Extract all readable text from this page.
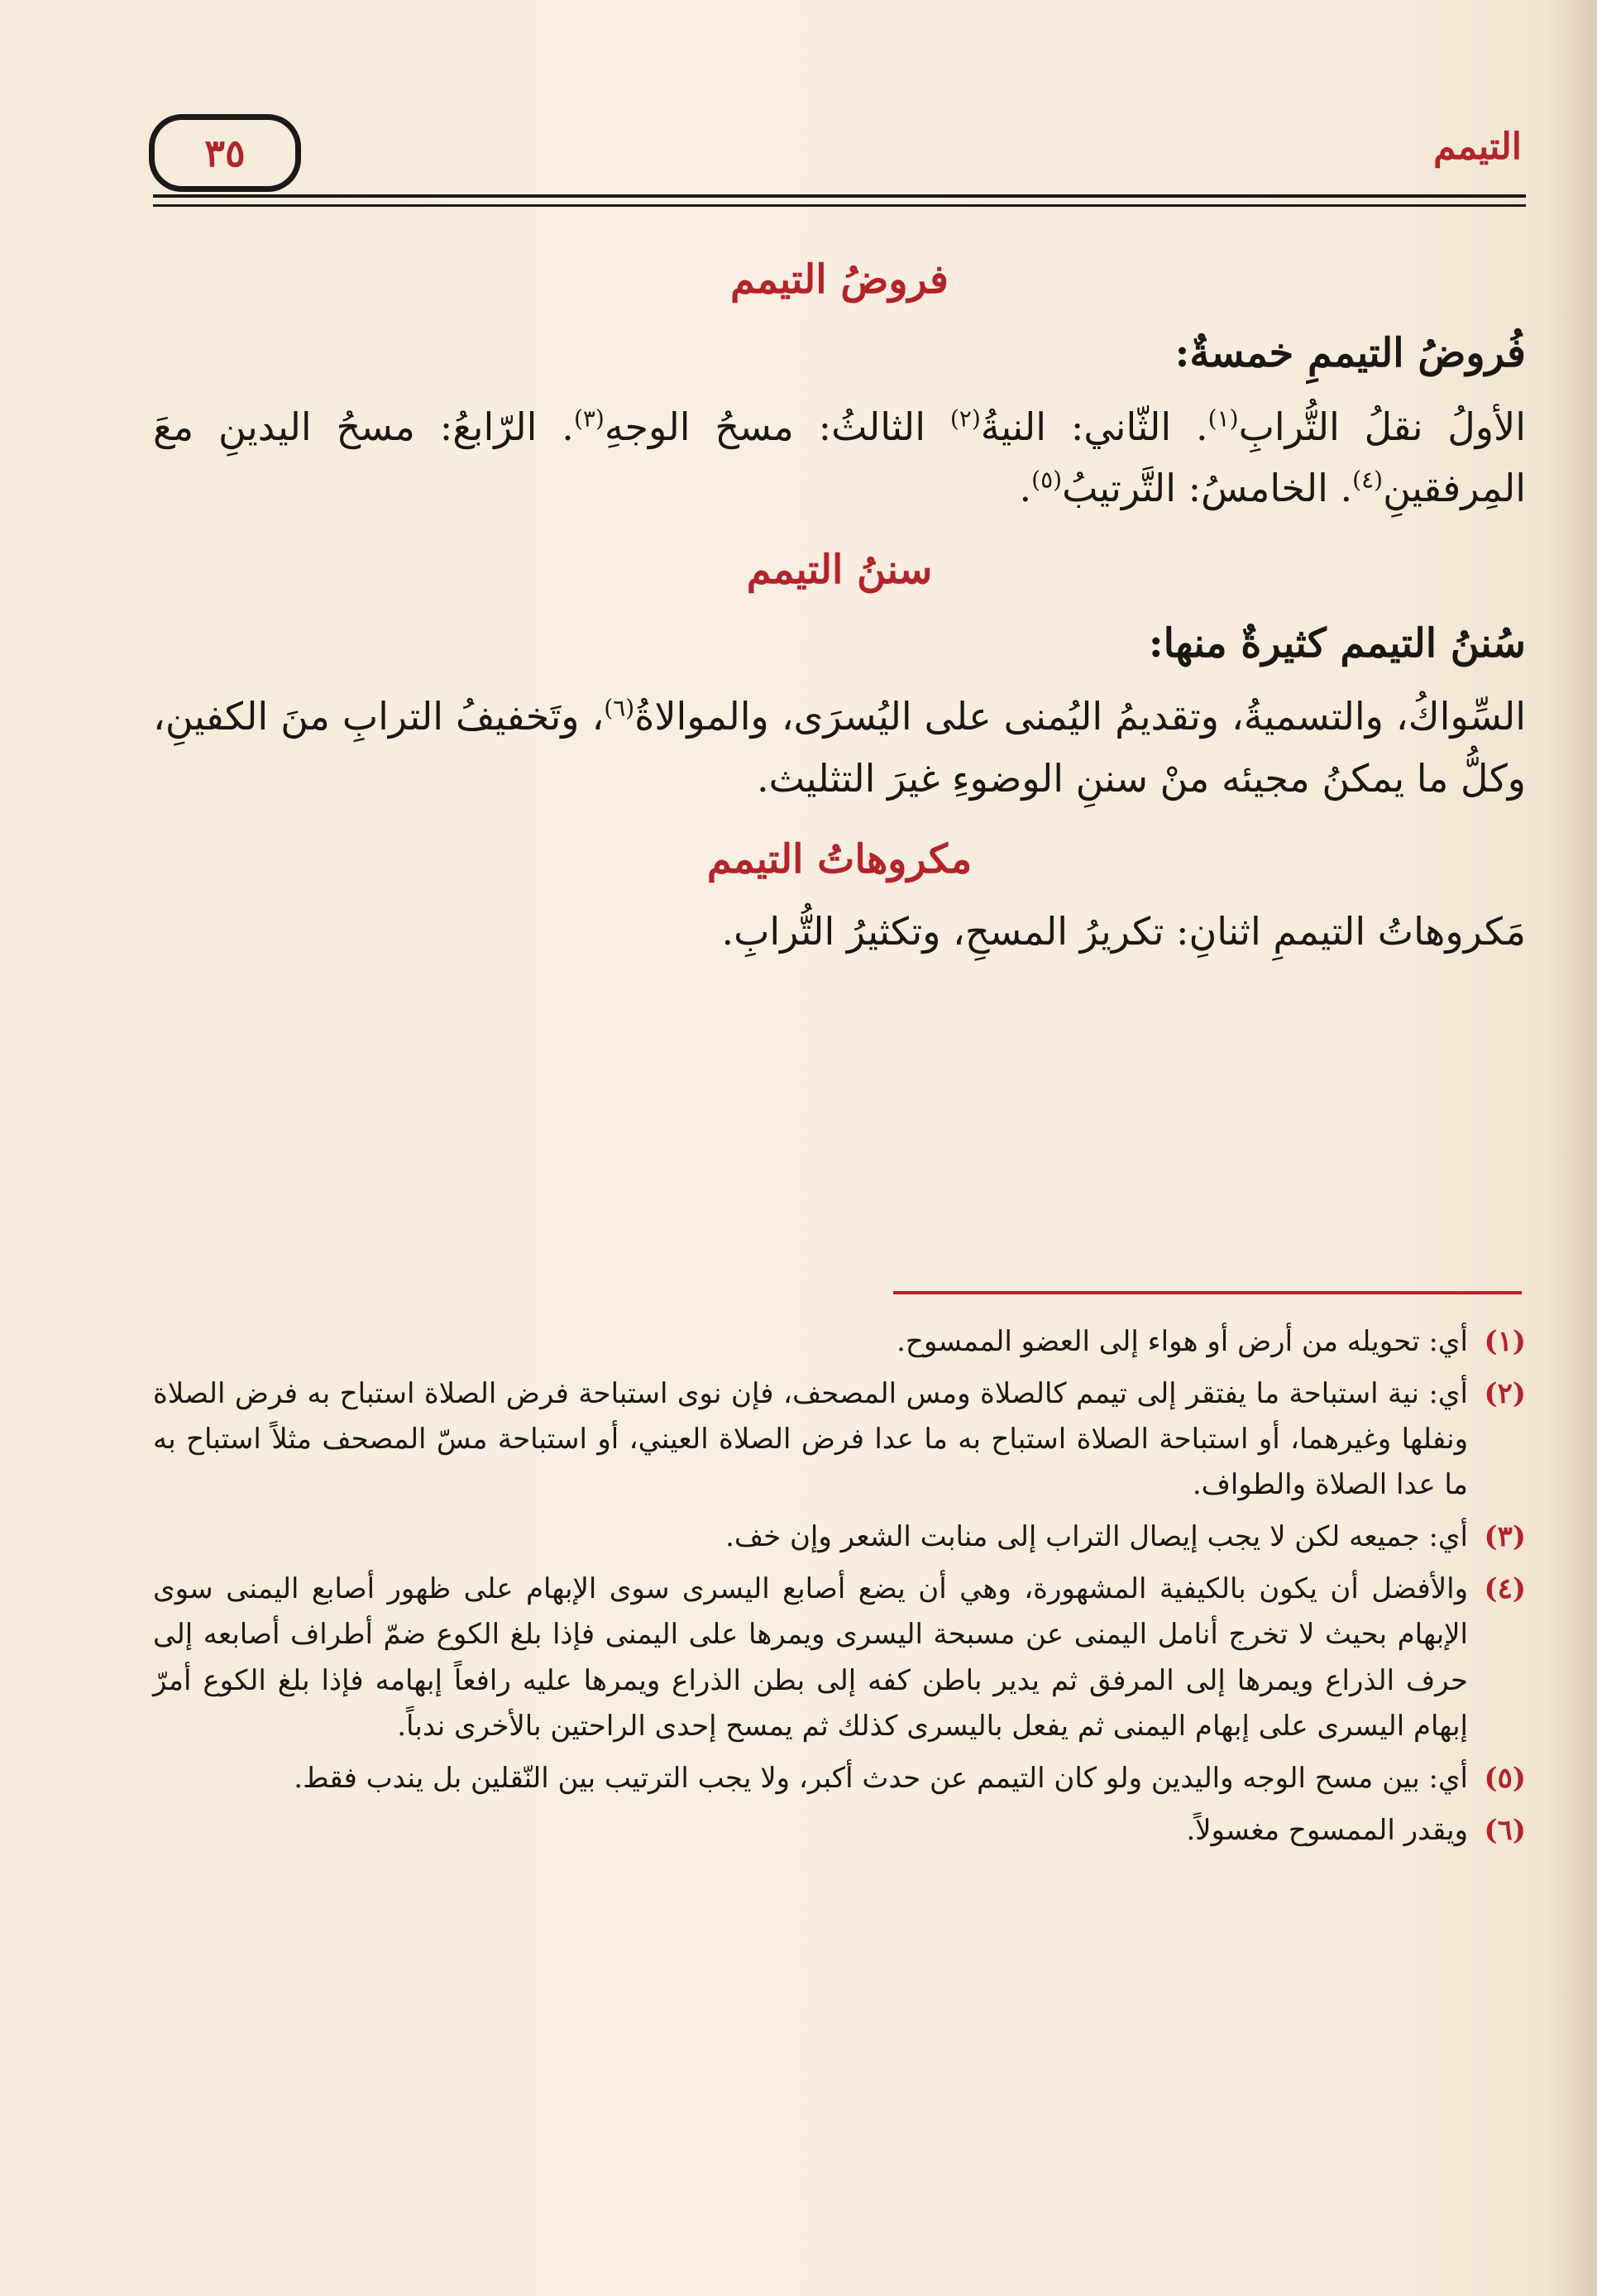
٣٥	التيمم
فروضُ التيمم

فُروضُ التيممِ خمسةٌ:

الأولُ نقلُ التُّرابِ$^{(١)}$. الثّاني: النيةُ$^{(٢)}$ الثالثُ: مسحُ الوجهِ$^{(٣)}$. الرّابعُ: مسحُ اليدينِ معَ المِرفقينِ$^{(٤)}$. الخامسُ: التَّرتيبُ$^{(٥)}$.

سننُ التيمم

سُننُ التيمم كثيرةٌ منها:

السِّواكُ، والتسميةُ، وتقديمُ اليُمنى على اليُسرَى، والموالاةُ$^{(٦)}$، وتَخفيفُ الترابِ منَ الكفينِ، وكلُّ ما يمكنُ مجيئه منْ سننِ الوضوءِ غيرَ التثليث.

مكروهاتُ التيمم

مَكروهاتُ التيممِ اثنانِ: تكريرُ المسحِ، وتكثيرُ التُّرابِ.

(١)
أي: تحويله من أرض أو هواء إلى العضو الممسوح.
(٢)
أي: نية استباحة ما يفتقر إلى تيمم كالصلاة ومس المصحف، فإن نوى استباحة فرض الصلاة استباح به فرض الصلاة ونفلها وغيرهما، أو استباحة الصلاة استباح به ما عدا فرض الصلاة العيني، أو استباحة مسّ المصحف مثلاً استباح به ما عدا الصلاة والطواف.
(٣)
أي: جميعه لكن لا يجب إيصال التراب إلى منابت الشعر وإن خف.
(٤)
والأفضل أن يكون بالكيفية المشهورة، وهي أن يضع أصابع اليسرى سوى الإبهام على ظهور أصابع اليمنى سوى الإبهام بحيث لا تخرج أنامل اليمنى عن مسبحة اليسرى ويمرها على اليمنى فإذا بلغ الكوع ضمّ أطراف أصابعه إلى حرف الذراع ويمرها إلى المرفق ثم يدير باطن كفه إلى بطن الذراع ويمرها عليه رافعاً إبهامه فإذا بلغ الكوع أمرّ إبهام اليسرى على إبهام اليمنى ثم يفعل باليسرى كذلك ثم يمسح إحدى الراحتين بالأخرى ندباً.
(٥)
أي: بين مسح الوجه واليدين ولو كان التيمم عن حدث أكبر، ولا يجب الترتيب بين النّقلين بل يندب فقط.
(٦)
ويقدر الممسوح مغسولاً.
